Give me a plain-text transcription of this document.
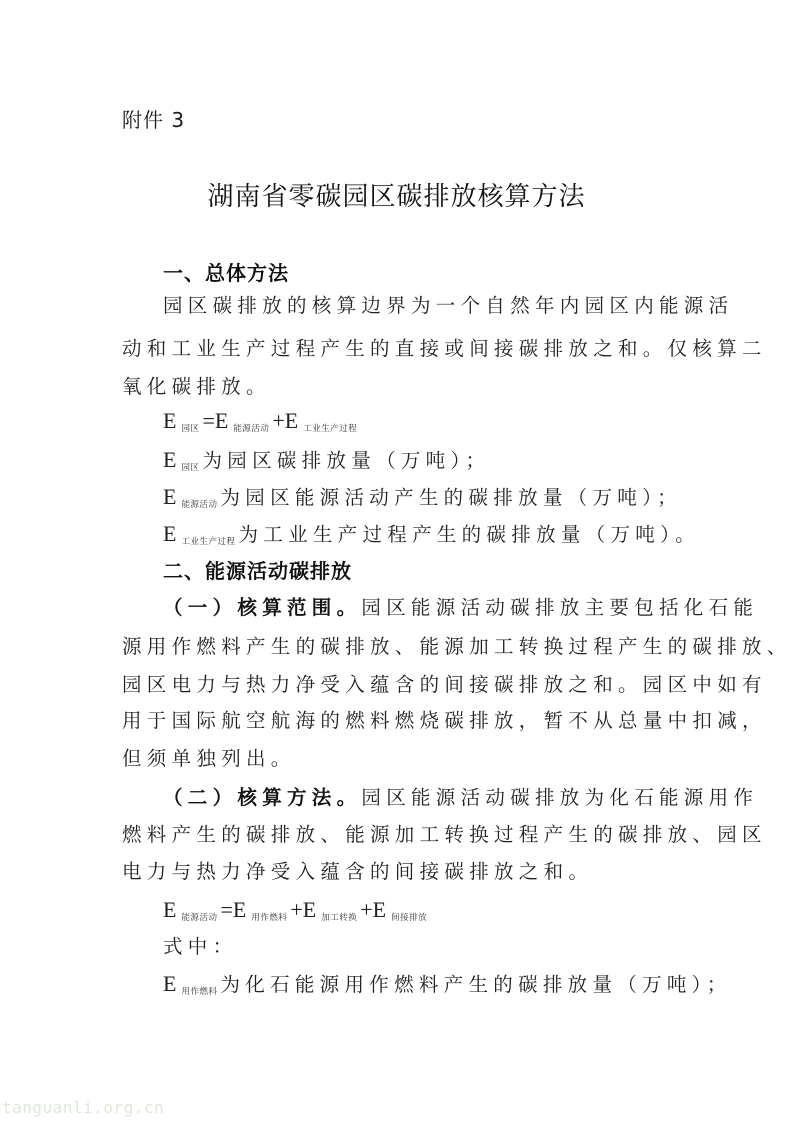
附件 3
湖南省零碳园区碳排放核算方法
一、总体方法
园区碳排放的核算边界为一个自然年内园区内能源活
动和工业生产过程产生的直接或间接碳排放之和。仅核算二
氧化碳排放。
E $_{园区}$ =E $_{能源活动}$ +E $_{工业生产过程}$
E $_{园区}$ 为园区碳排放量（万吨）；
E $_{能源活动}$ 为园区能源活动产生的碳排放量（万吨）；
E $_{工业生产过程}$ 为工业生产过程产生的碳排放量（万吨）。
二、能源活动碳排放
（一）核算范围。园区能源活动碳排放主要包括化石能
源用作燃料产生的碳排放、能源加工转换过程产生的碳排放、
园区电力与热力净受入蕴含的间接碳排放之和。园区中如有
用于国际航空航海的燃料燃烧碳排放，暂不从总量中扣减，
但须单独列出。
（二）核算方法。园区能源活动碳排放为化石能源用作
燃料产生的碳排放、能源加工转换过程产生的碳排放、园区
电力与热力净受入蕴含的间接碳排放之和。
E $_{能源活动}$ =E $_{用作燃料}$ +E $_{加工转换}$ +E $_{间接排放}$
式中：
E $_{用作燃料}$ 为化石能源用作燃料产生的碳排放量（万吨）；
tanguanli.org.cn
